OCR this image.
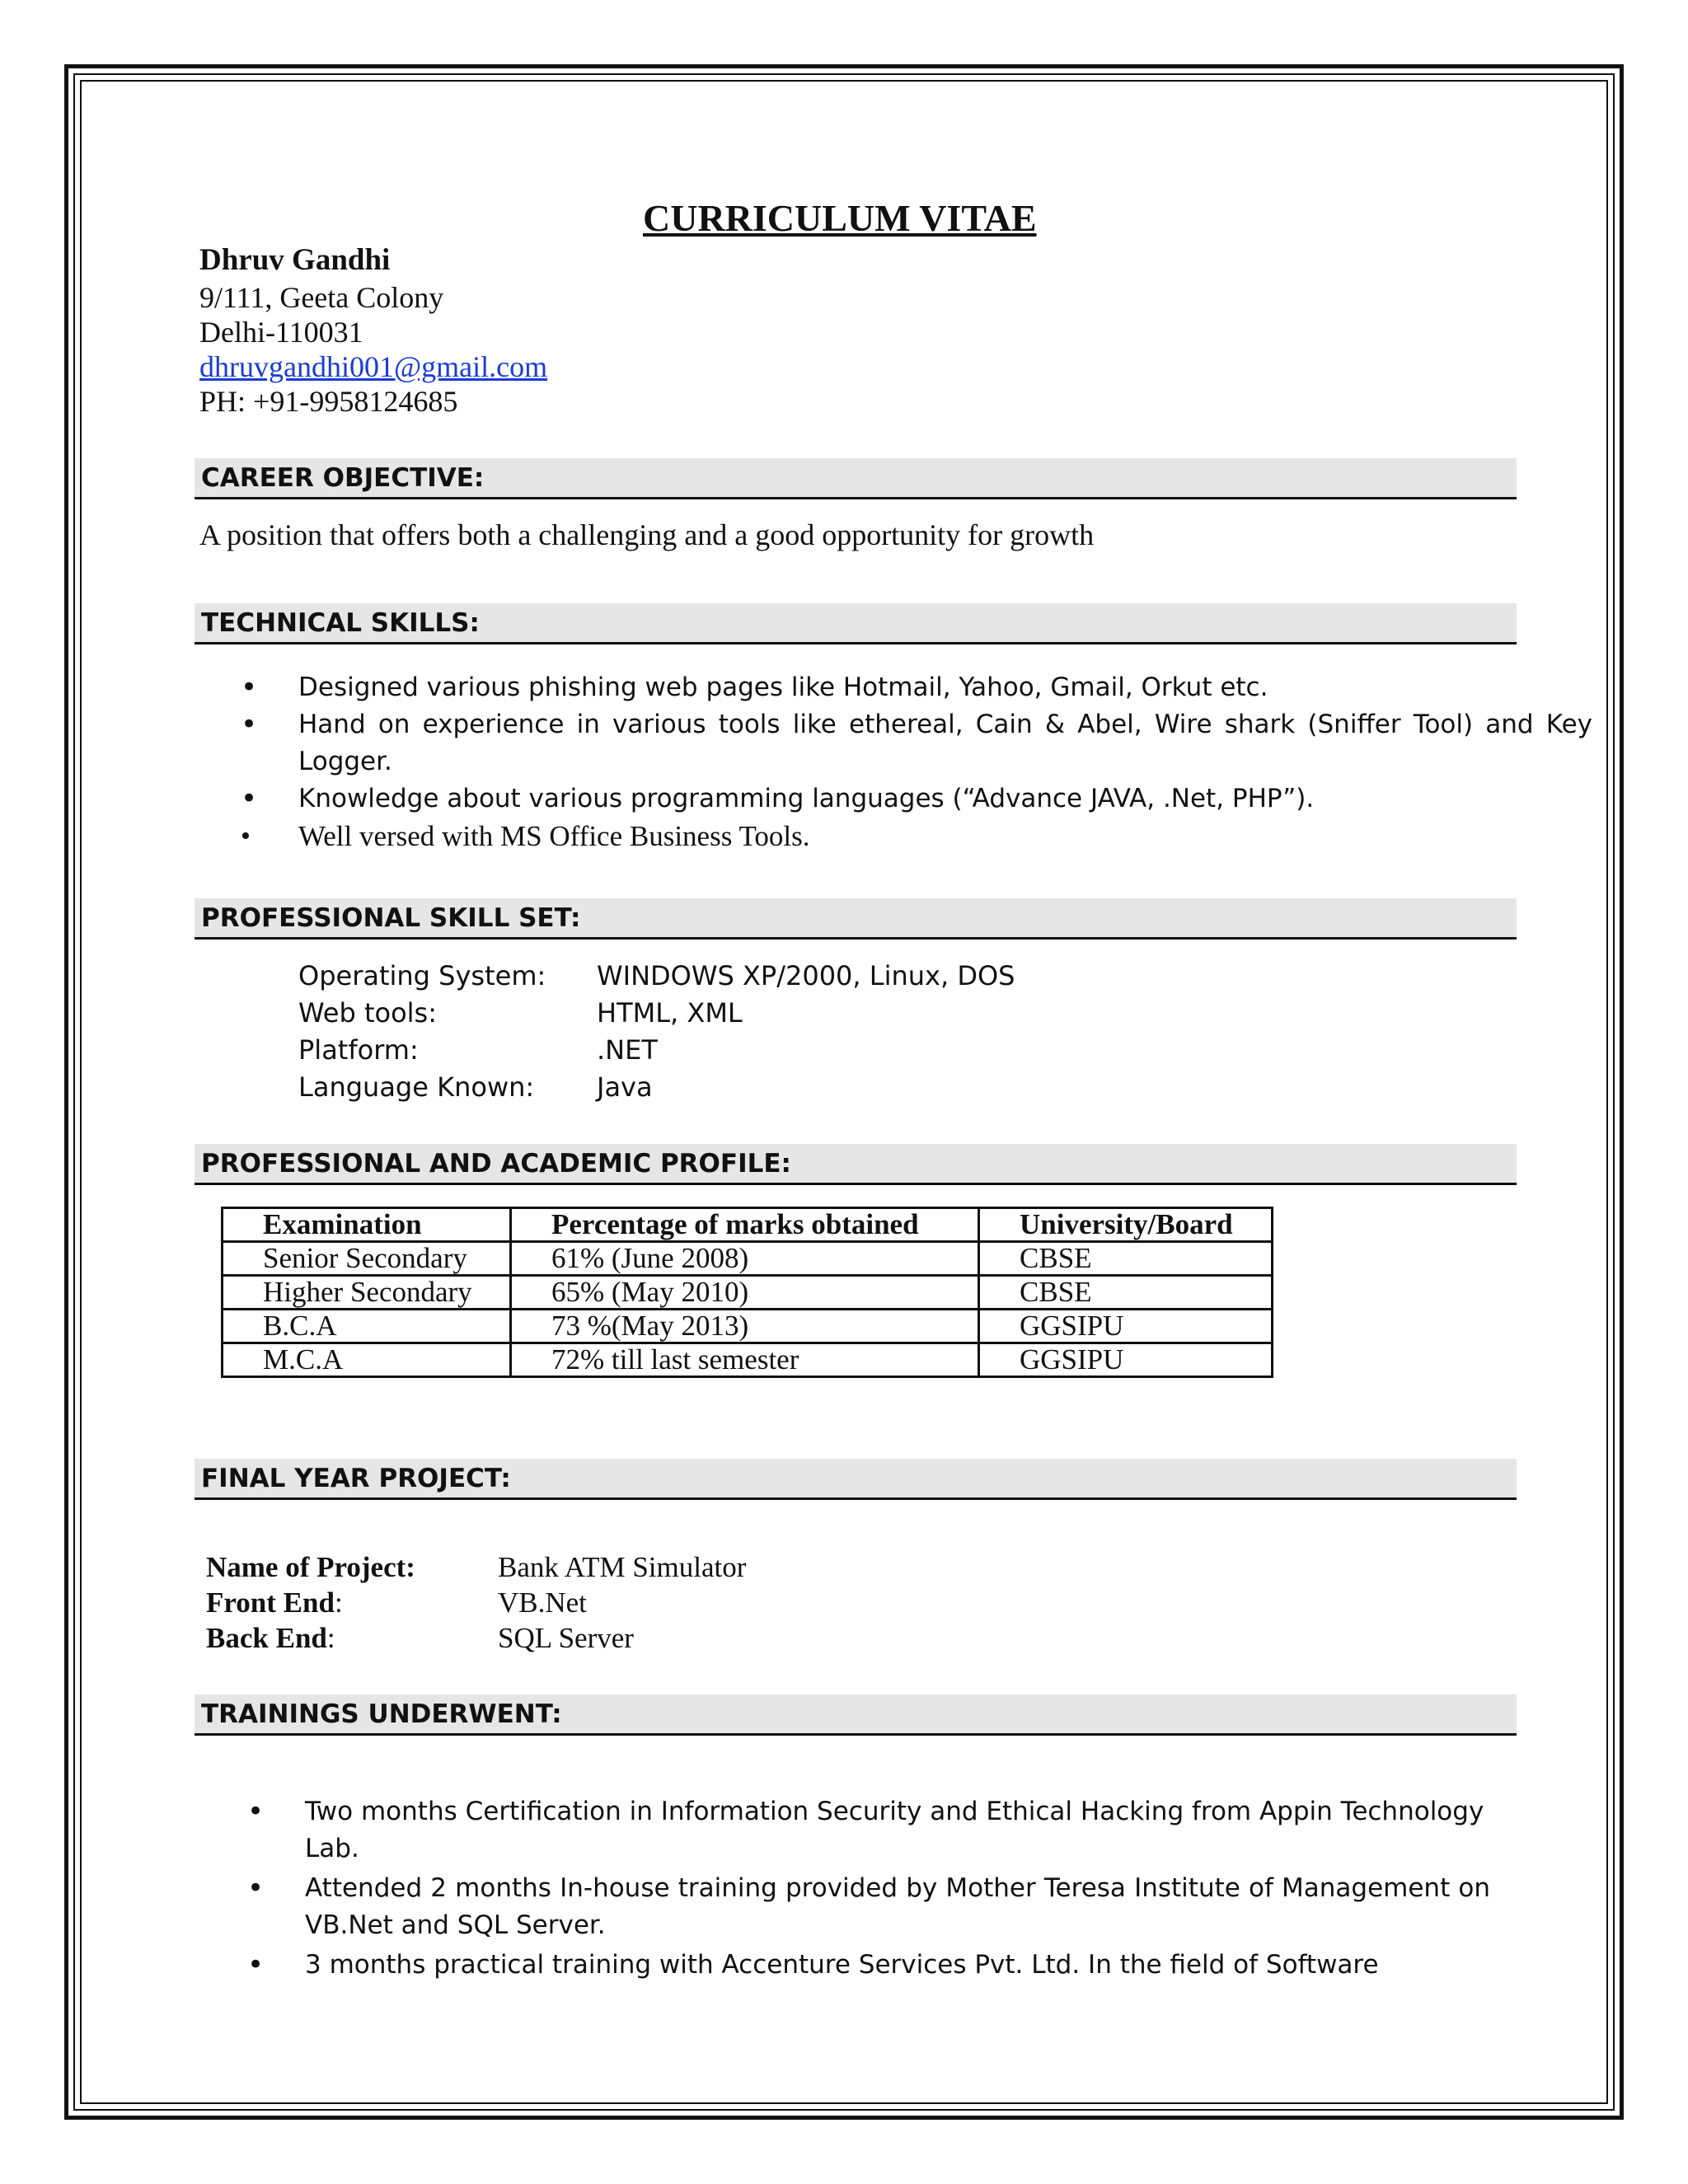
CURRICULUM VITAE
Dhruv Gandhi
9/111, Geeta Colony
Delhi-110031
dhruvgandhi001@gmail.com
PH: +91-9958124685
CAREER OBJECTIVE:
A position that offers both a challenging and a good opportunity for growth
TECHNICAL SKILLS:
• Designed various phishing web pages like Hotmail, Yahoo, Gmail, Orkut etc.
• Hand on experience in various tools like ethereal, Cain & Abel, Wire shark (Sniffer Tool) and Key Logger.
• Knowledge about various programming languages (“Advance JAVA, .Net, PHP”).
• Well versed with MS Office Business Tools.
PROFESSIONAL SKILL SET:
Operating System: WINDOWS XP/2000, Linux, DOS
Web tools:	HTML, XML
Platform:	.NET
Language Known: Java
PROFESSIONAL AND ACADEMIC PROFILE:
Examination	Percentage of marks obtained	University/Board
Senior Secondary	61% (June 2008)	CBSE
Higher Secondary	65% (May 2010)	CBSE
B.C.A	73 %(May 2013)	GGSIPU
M.C.A	72% till last semester	GGSIPU
FINAL YEAR PROJECT:
Name of Project:	Bank ATM Simulator
Front End:	VB.Net
Back End:	SQL Server
TRAININGS UNDERWENT:
• Two months Certification in Information Security and Ethical Hacking from Appin Technology Lab.
• Attended 2 months In-house training provided by Mother Teresa Institute of Management on VB.Net and SQL Server.
• 3 months practical training with Accenture Services Pvt. Ltd. In the field of Software
